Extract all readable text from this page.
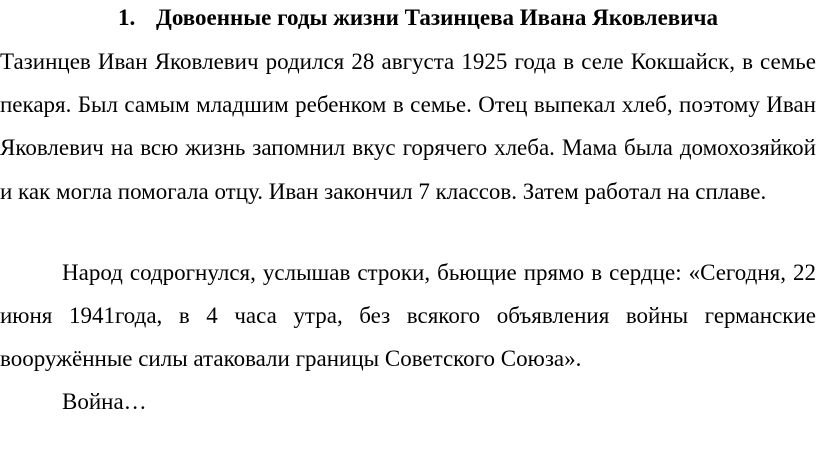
1. Довоенные годы жизни Тазинцева Ивана Яковлевича

Тазинцев Иван Яковлевич родился 28 августа 1925 года в селе Кокшайск, в семье пекаря. Был самым младшим ребенком в семье. Отец выпекал хлеб, поэтому Иван Яковлевич на всю жизнь запомнил вкус горячего хлеба. Мама была домохозяйкой и как могла помогала отцу. Иван закончил 7 классов. Затем работал на сплаве.

Народ содрогнулся, услышав строки, бьющие прямо в сердце: «Сегодня, 22 июня 1941года, в 4 часа утра, без всякого объявления войны германские вооружённые силы атаковали границы Советского Союза».

Война…
